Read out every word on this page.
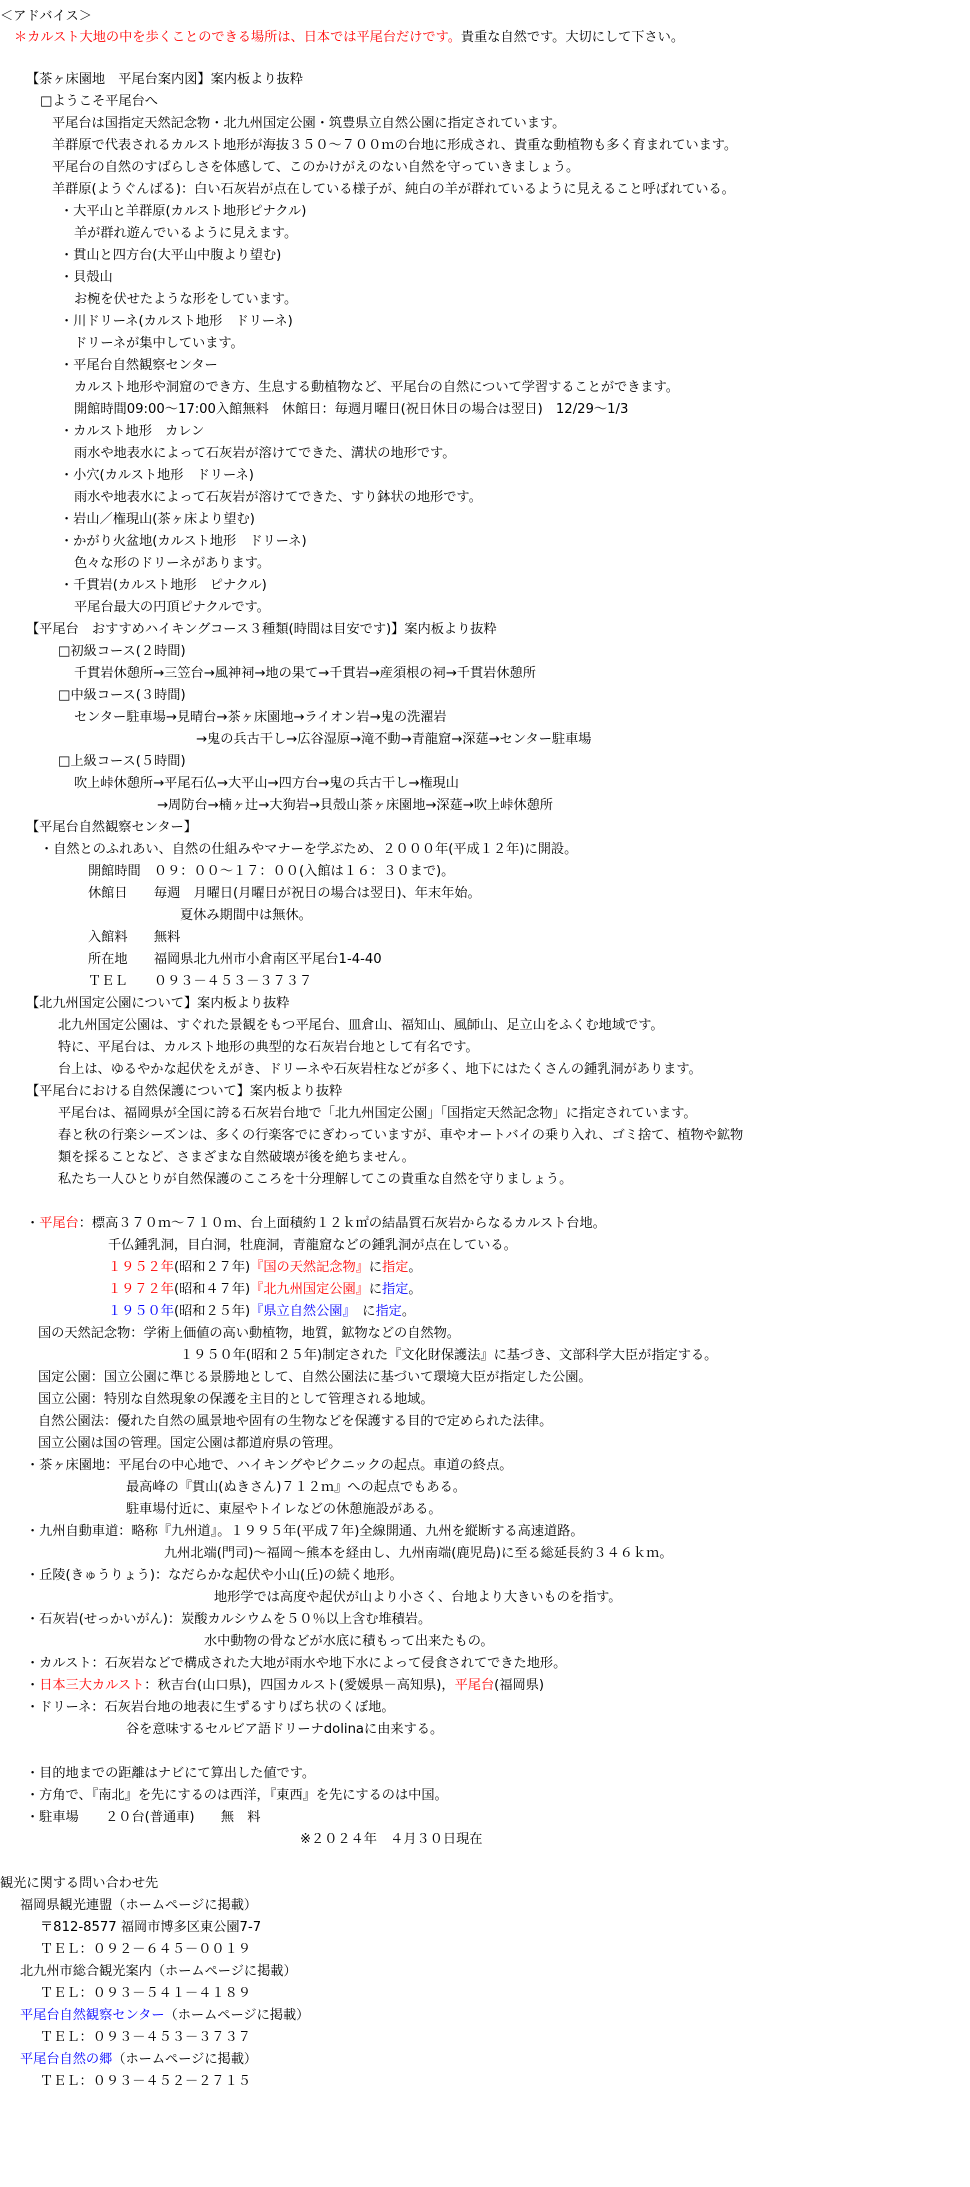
＜アドバイス＞
＊カルスト大地の中を歩くことのできる場所は、日本では平尾台だけです。貴重な自然です。大切にして下さい。
【茶ヶ床園地　平尾台案内図】案内板より抜粋
□ようこそ平尾台へ
平尾台は国指定天然記念物・北九州国定公園・筑豊県立自然公園に指定されています。
羊群原で代表されるカルスト地形が海抜３５０～７００ｍの台地に形成され、貴重な動植物も多く育まれています。
平尾台の自然のすばらしさを体感して、このかけがえのない自然を守っていきましょう。
羊群原(ようぐんばる)：白い石灰岩が点在している様子が、純白の羊が群れているように見えること呼ばれている。
・大平山と羊群原(カルスト地形ピナクル)
羊が群れ遊んでいるように見えます。
・貫山と四方台(大平山中腹より望む)
・貝殻山
お椀を伏せたような形をしています。
・川ドリーネ(カルスト地形　ドリーネ)
ドリーネが集中しています。
・平尾台自然観察センター
カルスト地形や洞窟のでき方、生息する動植物など、平尾台の自然について学習することができます。
開館時間09:00～17:00入館無料　休館日：毎週月曜日(祝日休日の場合は翌日)　12/29～1/3
・カルスト地形　カレン
雨水や地表水によって石灰岩が溶けてできた、溝状の地形です。
・小穴(カルスト地形　ドリーネ)
雨水や地表水によって石灰岩が溶けてできた、すり鉢状の地形です。
・岩山／権現山(茶ヶ床より望む)
・かがり火盆地(カルスト地形　ドリーネ)
色々な形のドリーネがあります。
・千貫岩(カルスト地形　ピナクル)
平尾台最大の円頂ピナクルです。
【平尾台　おすすめハイキングコース３種類(時間は目安です)】案内板より抜粋
□初級コース(２時間)
千貫岩休憩所→三笠台→風神祠→地の果て→千貫岩→産須根の祠→千貫岩休憩所
□中級コース(３時間)
センター駐車場→見晴台→茶ヶ床園地→ライオン岩→鬼の洗濯岩
→鬼の兵古干し→広谷湿原→滝不動→青龍窟→深莚→センター駐車場
□上級コース(５時間)
吹上峠休憩所→平尾石仏→大平山→四方台→鬼の兵古干し→権現山
→周防台→楠ヶ辻→大狗岩→貝殻山茶ヶ床園地→深莚→吹上峠休憩所
【平尾台自然観察センター】
・自然とのふれあい、自然の仕組みやマナーを学ぶため、２０００年(平成１２年)に開設。
開館時間　０９：００～１７：００(入館は１６：３０まで)。
休館日　　毎週　月曜日(月曜日が祝日の場合は翌日)、年末年始。
夏休み期間中は無休。
入館料　　無料
所在地　　福岡県北九州市小倉南区平尾台1-4-40
ＴＥＬ　　０９３－４５３－３７３７
【北九州国定公園について】案内板より抜粋
北九州国定公園は、すぐれた景観をもつ平尾台、皿倉山、福知山、風師山、足立山をふくむ地域です。
特に、平尾台は、カルスト地形の典型的な石灰岩台地として有名です。
台上は、ゆるやかな起伏をえがき、ドリーネや石灰岩柱などが多く、地下にはたくさんの鍾乳洞があります。
【平尾台における自然保護について】案内板より抜粋
平尾台は、福岡県が全国に誇る石灰岩台地で「北九州国定公園」「国指定天然記念物」に指定されています。
春と秋の行楽シーズンは、多くの行楽客でにぎわっていますが、車やオートバイの乗り入れ、ゴミ捨て、植物や鉱物
類を採ることなど、さまざまな自然破壊が後を絶ちません。
私たち一人ひとりが自然保護のこころを十分理解してこの貴重な自然を守りましょう。
・平尾台：標高３７０ｍ～７１０ｍ、台上面積約１２ｋ㎡の結晶質石灰岩からなるカルスト台地。
千仏鍾乳洞，目白洞，牡鹿洞，青龍窟などの鍾乳洞が点在している。
１９５２年(昭和２７年)『国の天然記念物』に指定。
１９７２年(昭和４７年)『北九州国定公園』に指定。
１９５０年(昭和２５年)『県立自然公園』　に指定。
国の天然記念物：学術上価値の高い動植物，地質，鉱物などの自然物。
１９５０年(昭和２５年)制定された『文化財保護法』に基づき、文部科学大臣が指定する。
国定公園：国立公園に準じる景勝地として、自然公園法に基づいて環境大臣が指定した公園。
国立公園：特別な自然現象の保護を主目的として管理される地域。
自然公園法：優れた自然の風景地や固有の生物などを保護する目的で定められた法律。
国立公園は国の管理。国定公園は都道府県の管理。
・茶ヶ床園地：平尾台の中心地で、ハイキングやピクニックの起点。車道の終点。
最高峰の『貫山(ぬきさん)７１２ｍ』への起点でもある。
駐車場付近に、東屋やトイレなどの休憩施設がある。
・九州自動車道：略称『九州道』。１９９５年(平成７年)全線開通、九州を縦断する高速道路。
九州北端(門司)～福岡～熊本を経由し、九州南端(鹿児島)に至る総延長約３４６ｋｍ。
・丘陵(きゅうりょう)：なだらかな起伏や小山(丘)の続く地形。
地形学では高度や起伏が山より小さく、台地より大きいものを指す。
・石灰岩(せっかいがん)：炭酸カルシウムを５０％以上含む堆積岩。
水中動物の骨などが水底に積もって出来たもの。
・カルスト：石灰岩などで構成された大地が雨水や地下水によって侵食されてできた地形。
・日本三大カルスト：秋吉台(山口県)，四国カルスト(愛媛県－高知県)，平尾台(福岡県)
・ドリーネ：石灰岩台地の地表に生ずるすりばち状のくぼ地。
谷を意味するセルビア語ドリーナdolinaに由来する。
・目的地までの距離はナビにて算出した値です。
・方角で、『南北』を先にするのは西洋，『東西』を先にするのは中国。
・駐車場　　２０台(普通車)　　無　料
※２０２４年　４月３０日現在
観光に関する問い合わせ先
福岡県観光連盟（ホームページに掲載）
〒812-8577 福岡市博多区東公園7-7
ＴＥＬ：０９２－６４５－００１９
北九州市総合観光案内（ホームページに掲載）
ＴＥＬ：０９３－５４１－４１８９
平尾台自然観察センター（ホームページに掲載）
ＴＥＬ：０９３－４５３－３７３７
平尾台自然の郷（ホームページに掲載）
ＴＥＬ：０９３－４５２－２７１５
